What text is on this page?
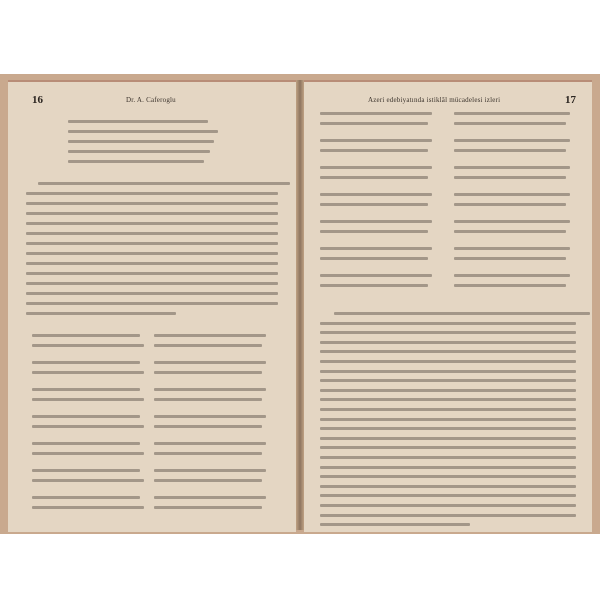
16	Dr. A. Caferoglu	17
Azeri edebiyatında istiklâl mücadelesi izleri
